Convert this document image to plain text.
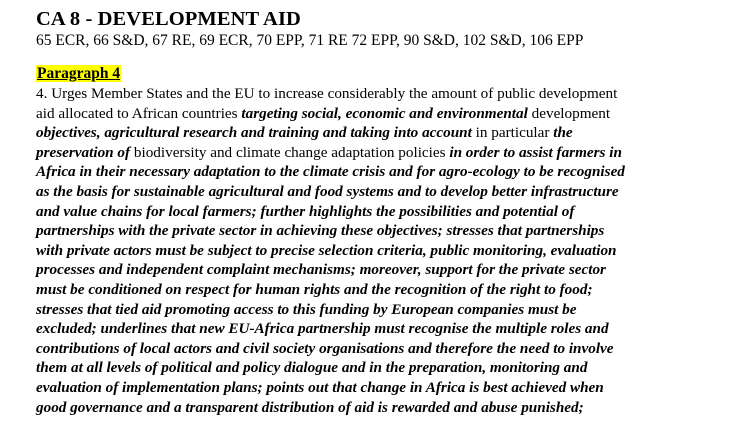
CA 8 - DEVELOPMENT AID
65 ECR, 66 S&D, 67 RE, 69 ECR, 70 EPP, 71 RE 72 EPP, 90 S&D, 102 S&D, 106 EPP
Paragraph 4

4. Urges Member States and the EU to increase considerably the amount of public development
aid allocated to African countries targeting social, economic and environmental development
objectives, agricultural research and training and taking into account in particular the
preservation of biodiversity and climate change adaptation policies in order to assist farmers in
Africa in their necessary adaptation to the climate crisis and for agro-ecology to be recognised
as the basis for sustainable agricultural and food systems and to develop better infrastructure
and value chains for local farmers; further highlights the possibilities and potential of
partnerships with the private sector in achieving these objectives; stresses that partnerships
with private actors must be subject to precise selection criteria, public monitoring, evaluation
processes and independent complaint mechanisms; moreover, support for the private sector
must be conditioned on respect for human rights and the recognition of the right to food;
stresses that tied aid promoting access to this funding by European companies must be
excluded; underlines that new EU-Africa partnership must recognise the multiple roles and
contributions of local actors and civil society organisations and therefore the need to involve
them at all levels of political and policy dialogue and in the preparation, monitoring and
evaluation of implementation plans; points out that change in Africa is best achieved when
good governance and a transparent distribution of aid is rewarded and abuse punished;
